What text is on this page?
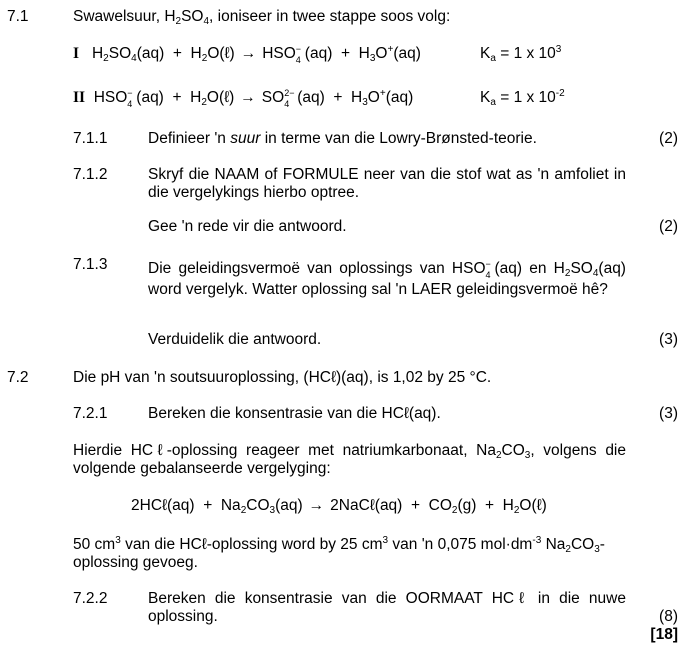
7.1	Swawelsuur, $H_2SO_4$, ioniseer in twee stappe soos volg:
I   $H_2SO_4(aq)$  +  $H_2O(\ell)$ → HSO −
4 $(aq) + H_3O^+(aq)$	$K_a = 1$ x $10^3$
II  HSO −
4 $(aq) + H_2O(\ell)$ → SO 2−
4 $(aq) + H_3O^+(aq)$	$K_a = 1$ x $10^{-2}$
7.1.1	Definieer 'n suur in terme van die Lowry-Brønsted-teorie.	(2)
7.1.2	Skryf die NAAM of FORMULE neer van die stof wat as 'n amfoliet in die vergelykings hierbo optree.
Gee 'n rede vir die antwoord.	(2)
7.1.3	Die geleidingsvermoë van oplossings van HSO −
4 (aq) en $H_2SO_4(aq)$ word vergelyk. Watter oplossing sal 'n LAER geleidingsvermoë hê?
Verduidelik die antwoord.	(3)
7.2	Die pH van 'n soutsuuroplossing, (HCℓ)(aq), is 1,02 by 25 °C.
7.2.1	Bereken die konsentrasie van die HCℓ(aq).	(3)
Hierdie HCℓ-oplossing reageer met natriumkarbonaat, $Na_2CO_3$, volgens die volgende gebalanseerde vergelyging:
2HCℓ(aq)  +  $Na_2CO_3(aq)$ → 2NaCℓ(aq)  +  $CO_2(g)$  +  $H_2O(\ell)$
50 $cm^3$ van die HCℓ-oplossing word by 25 $cm^3$ van 'n 0,075 $mol\cdot dm^{-3}$ $Na_2CO_3$-oplossing gevoeg.
7.2.2	Bereken die konsentrasie van die OORMAAT HCℓ in die nuwe oplossing.	(8)
[18]
